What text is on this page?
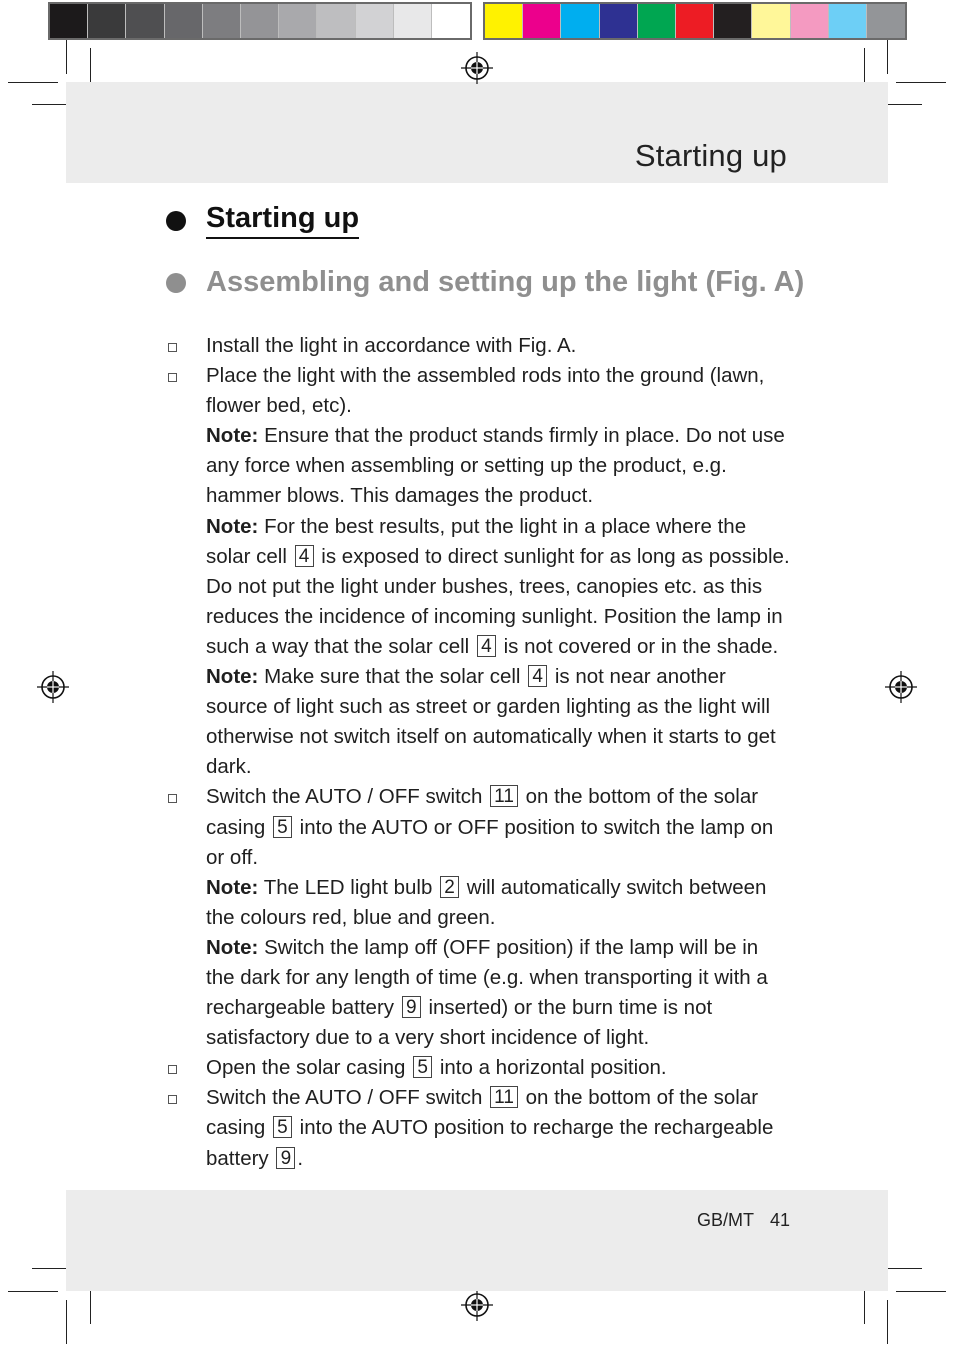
Starting up
Starting up
Assembling and setting up the light (Fig. A)
Install the light in accordance with Fig. A.
Place the light with the assembled rods into the ground (lawn, flower bed, etc).
Note: Ensure that the product stands firmly in place. Do not use any force when assembling or setting up the product, e.g. hammer blows. This damages the product.
Note: For the best results, put the light in a place where the solar cell 4 is exposed to direct sunlight for as long as possible. Do not put the light under bushes, trees, canopies etc. as this reduces the incidence of incoming sunlight. Position the lamp in such a way that the solar cell 4 is not covered or in the shade.
Note: Make sure that the solar cell 4 is not near another source of light such as street or garden lighting as the light will otherwise not switch itself on automatically when it starts to get dark.
Switch the AUTO / OFF switch 11 on the bottom of the solar casing 5 into the AUTO or OFF position to switch the lamp on or off.
Note: The LED light bulb 2 will automatically switch between the colours red, blue and green.
Note: Switch the lamp off (OFF position) if the lamp will be in the dark for any length of time (e.g. when transporting it with a rechargeable battery 9 inserted) or the burn time is not satisfactory due to a very short incidence of light.
Open the solar casing 5 into a horizontal position.
Switch the AUTO / OFF switch 11 on the bottom of the solar casing 5 into the AUTO position to recharge the rechargeable battery 9 .
GB/MT 41
